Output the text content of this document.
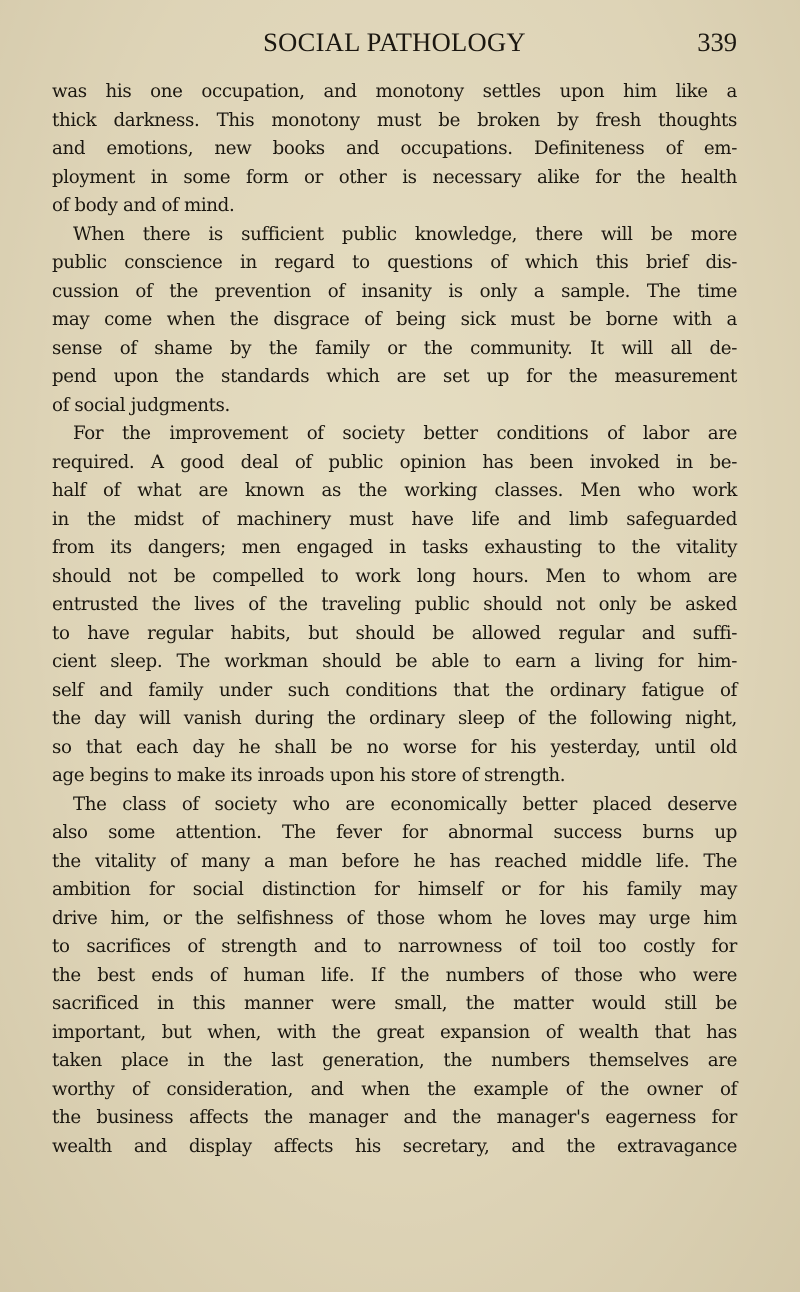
SOCIAL PATHOLOGY	339
was his one occupation, and monotony settles upon him like a
thick darkness. This monotony must be broken by fresh thoughts
and emotions, new books and occupations. Definiteness of em-
ployment in some form or other is necessary alike for the health
of body and of mind.
When there is sufficient public knowledge, there will be more
public conscience in regard to questions of which this brief dis-
cussion of the prevention of insanity is only a sample. The time
may come when the disgrace of being sick must be borne with a
sense of shame by the family or the community. It will all de-
pend upon the standards which are set up for the measurement
of social judgments.
For the improvement of society better conditions of labor are
required. A good deal of public opinion has been invoked in be-
half of what are known as the working classes. Men who work
in the midst of machinery must have life and limb safeguarded
from its dangers; men engaged in tasks exhausting to the vitality
should not be compelled to work long hours. Men to whom are
entrusted the lives of the traveling public should not only be asked
to have regular habits, but should be allowed regular and suffi-
cient sleep. The workman should be able to earn a living for him-
self and family under such conditions that the ordinary fatigue of
the day will vanish during the ordinary sleep of the following night,
so that each day he shall be no worse for his yesterday, until old
age begins to make its inroads upon his store of strength.
The class of society who are economically better placed deserve
also some attention. The fever for abnormal success burns up
the vitality of many a man before he has reached middle life. The
ambition for social distinction for himself or for his family may
drive him, or the selfishness of those whom he loves may urge him
to sacrifices of strength and to narrowness of toil too costly for
the best ends of human life. If the numbers of those who were
sacrificed in this manner were small, the matter would still be
important, but when, with the great expansion of wealth that has
taken place in the last generation, the numbers themselves are
worthy of consideration, and when the example of the owner of
the business affects the manager and the manager's eagerness for
wealth and display affects his secretary, and the extravagance
